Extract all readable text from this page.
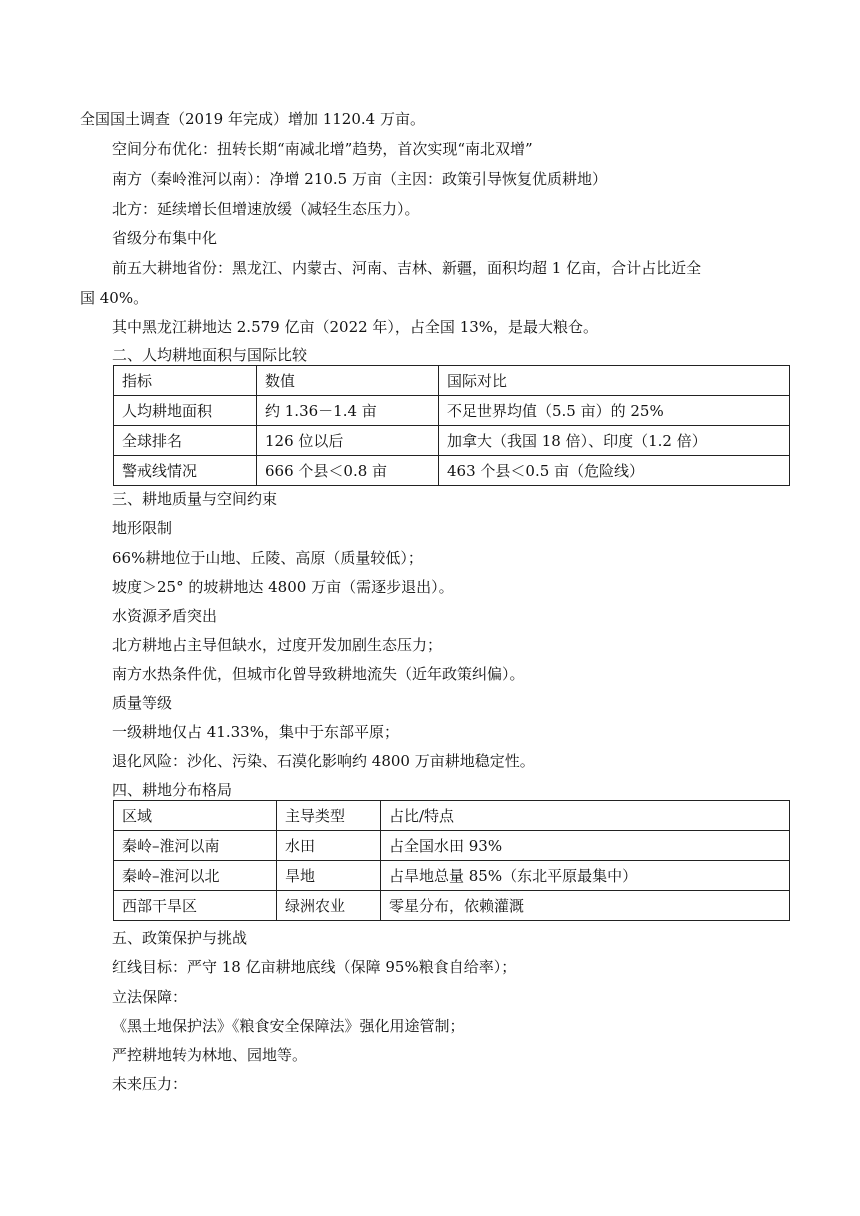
全国国土调查（2019 年完成）增加 1120.4 万亩。
空间分布优化：扭转长期“南减北增”趋势，首次实现“南北双增”
南方（秦岭淮河以南）：净增 210.5 万亩（主因：政策引导恢复优质耕地）
北方：延续增长但增速放缓（减轻生态压力）。
省级分布集中化
前五大耕地省份：黑龙江、内蒙古、河南、吉林、新疆，面积均超 1 亿亩，合计占比近全
国 40%。
其中黑龙江耕地达 2.579 亿亩（2022 年），占全国 13%，是最大粮仓。
二、人均耕地面积与国际比较
指标	数值	国际对比
人均耕地面积	约 1.36－1.4 亩	不足世界均值（5.5 亩）的 25%
全球排名	126 位以后	加拿大（我国 18 倍）、印度（1.2 倍）
警戒线情况	666 个县＜0.8 亩	463 个县＜0.5 亩（危险线）
三、耕地质量与空间约束
地形限制
66%耕地位于山地、丘陵、高原（质量较低）；
坡度＞25° 的坡耕地达 4800 万亩（需逐步退出）。
水资源矛盾突出
北方耕地占主导但缺水，过度开发加剧生态压力；
南方水热条件优，但城市化曾导致耕地流失（近年政策纠偏）。
质量等级
一级耕地仅占 41.33%，集中于东部平原；
退化风险：沙化、污染、石漠化影响约 4800 万亩耕地稳定性。
四、耕地分布格局
区域	主导类型	占比/特点
秦岭–淮河以南	水田	占全国水田 93%
秦岭–淮河以北	旱地	占旱地总量 85%（东北平原最集中）
西部干旱区	绿洲农业	零星分布，依赖灌溉
五、政策保护与挑战
红线目标：严守 18 亿亩耕地底线（保障 95%粮食自给率）；
立法保障：
《黑土地保护法》《粮食安全保障法》强化用途管制；
严控耕地转为林地、园地等。
未来压力：
